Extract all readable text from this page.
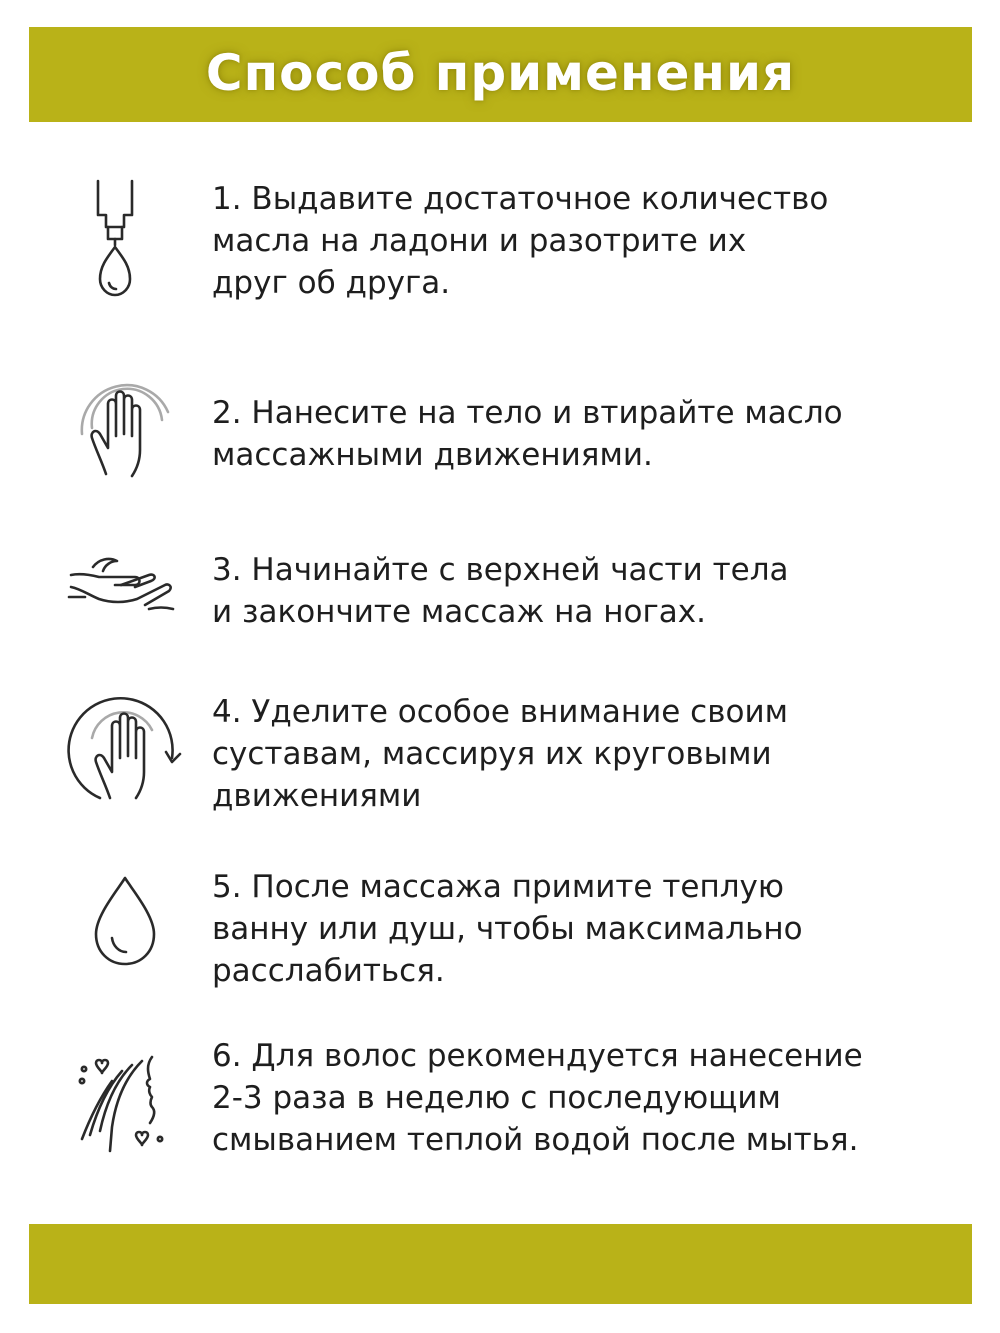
Способ применения
1. Выдавите достаточное количество
масла на ладони и разотрите их
друг об друга.
2. Нанесите на тело и втирайте масло
массажными движениями.
3. Начинайте с верхней части тела
и закончите массаж на ногах.
4. Уделите особое внимание своим
суставам, массируя их круговыми
движениями
5. После массажа примите теплую
ванну или душ, чтобы максимально
расслабиться.
6. Для волос рекомендуется нанесение
2-3 раза в неделю с последующим
смыванием теплой водой после мытья.
